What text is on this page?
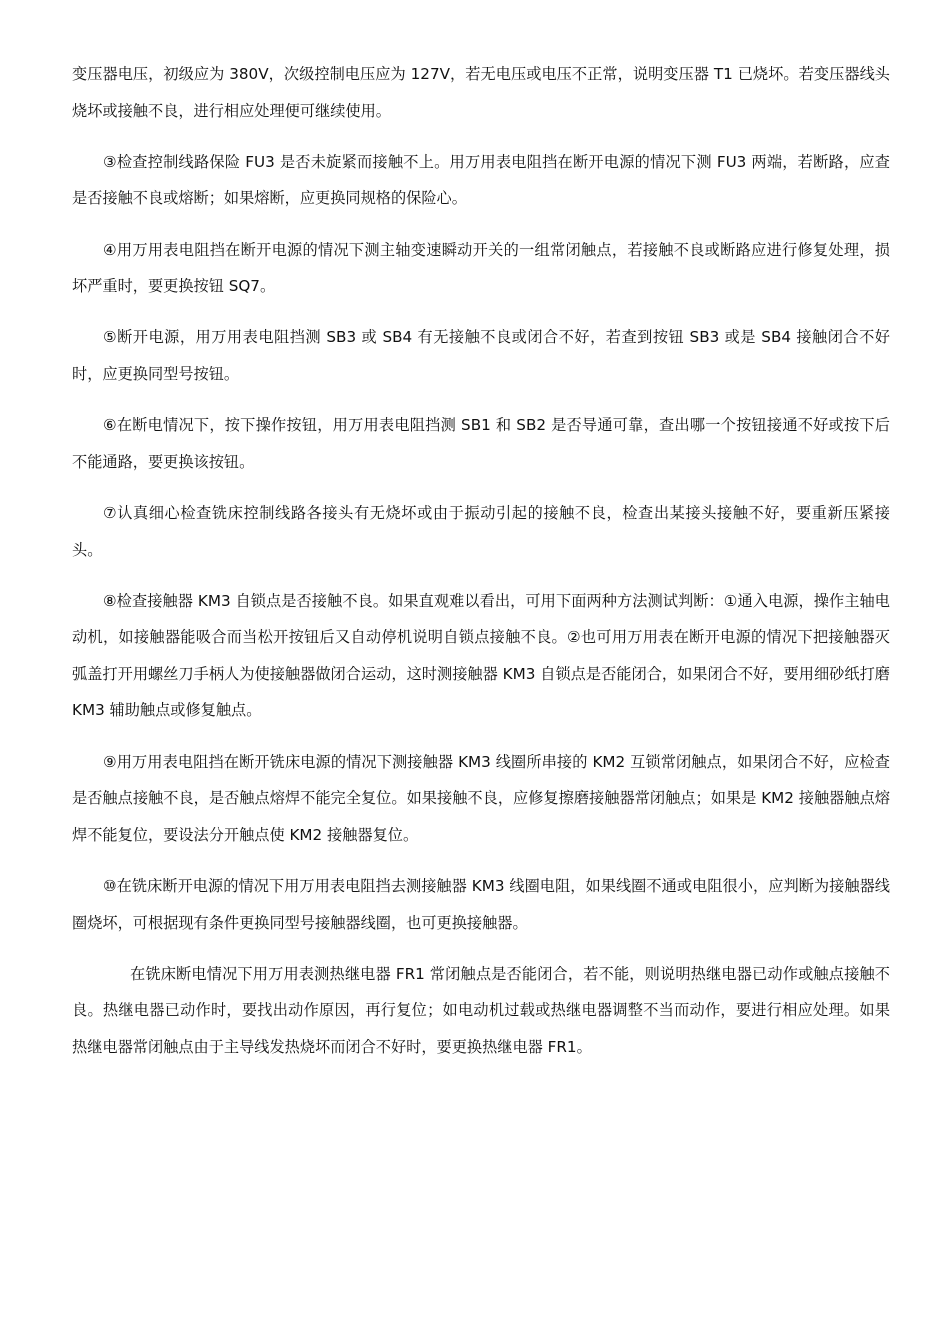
变压器电压，初级应为 380V，次级控制电压应为 127V，若无电压或电压不正常，说明变压器 T1 已烧坏。若变压器线头烧坏或接触不良，进行相应处理便可继续使用。

③检查控制线路保险 FU3 是否未旋紧而接触不上。用万用表电阻挡在断开电源的情况下测 FU3 两端，若断路，应查是否接触不良或熔断；如果熔断，应更换同规格的保险心。

④用万用表电阻挡在断开电源的情况下测主轴变速瞬动开关的一组常闭触点，若接触不良或断路应进行修复处理，损坏严重时，要更换按钮 SQ7。

⑤断开电源，用万用表电阻挡测 SB3 或 SB4 有无接触不良或闭合不好，若查到按钮 SB3 或是 SB4 接触闭合不好时，应更换同型号按钮。

⑥在断电情况下，按下操作按钮，用万用表电阻挡测 SB1 和 SB2 是否导通可靠，查出哪一个按钮接通不好或按下后不能通路，要更换该按钮。

⑦认真细心检查铣床控制线路各接头有无烧坏或由于振动引起的接触不良，检查出某接头接触不好，要重新压紧接头。

⑧检查接触器 KM3 自锁点是否接触不良。如果直观难以看出，可用下面两种方法测试判断：①通入电源，操作主轴电动机，如接触器能吸合而当松开按钮后又自动停机说明自锁点接触不良。②也可用万用表在断开电源的情况下把接触器灭弧盖打开用螺丝刀手柄人为使接触器做闭合运动，这时测接触器 KM3 自锁点是否能闭合，如果闭合不好，要用细砂纸打磨 KM3 辅助触点或修复触点。

⑨用万用表电阻挡在断开铣床电源的情况下测接触器 KM3 线圈所串接的 KM2 互锁常闭触点，如果闭合不好，应检查是否触点接触不良，是否触点熔焊不能完全复位。如果接触不良，应修复擦磨接触器常闭触点；如果是 KM2 接触器触点熔焊不能复位，要设法分开触点使 KM2 接触器复位。

⑩在铣床断开电源的情况下用万用表电阻挡去测接触器 KM3 线圈电阻，如果线圈不通或电阻很小，应判断为接触器线圈烧坏，可根据现有条件更换同型号接触器线圈，也可更换接触器。

在铣床断电情况下用万用表测热继电器 FR1 常闭触点是否能闭合，若不能，则说明热继电器已动作或触点接触不良。热继电器已动作时，要找出动作原因，再行复位；如电动机过载或热继电器调整不当而动作，要进行相应处理。如果热继电器常闭触点由于主导线发热烧坏而闭合不好时，要更换热继电器 FR1。
